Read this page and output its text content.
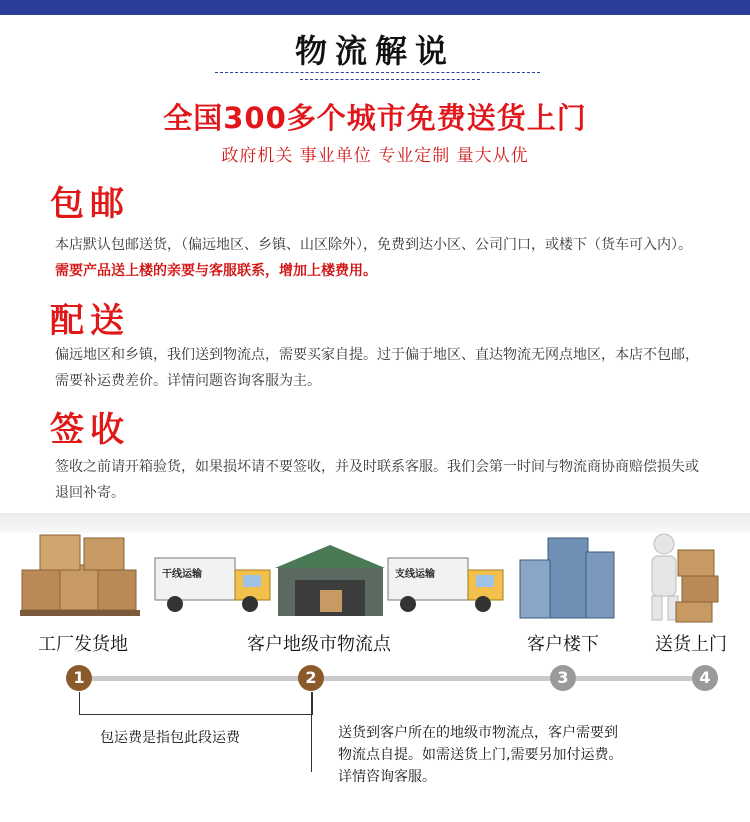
物流解说
全国300多个城市免费送货上门
政府机关 事业单位 专业定制 量大从优
包邮
本店默认包邮送货，（偏远地区、乡镇、山区除外），免费到达小区、公司门口，或楼下（货车可入内）。需要产品送上楼的亲要与客服联系，增加上楼费用。
配送
偏远地区和乡镇，我们送到物流点，需要买家自提。过于偏于地区、直达物流无网点地区，本店不包邮，需要补运费差价。详情问题咨询客服为主。
签收
签收之前请开箱验货，如果损坏请不要签收，并及时联系客服。我们会第一时间与物流商协商赔偿损失或退回补寄。
干线运输	支线运输
工厂发货地	客户地级市物流点	客户楼下	送货上门
1	2	3	4
包运费是指包此段运费	送货到客户所在的地级市物流点，客户需要到
物流点自提。如需送货上门,需要另加付运费。
详情咨询客服。
